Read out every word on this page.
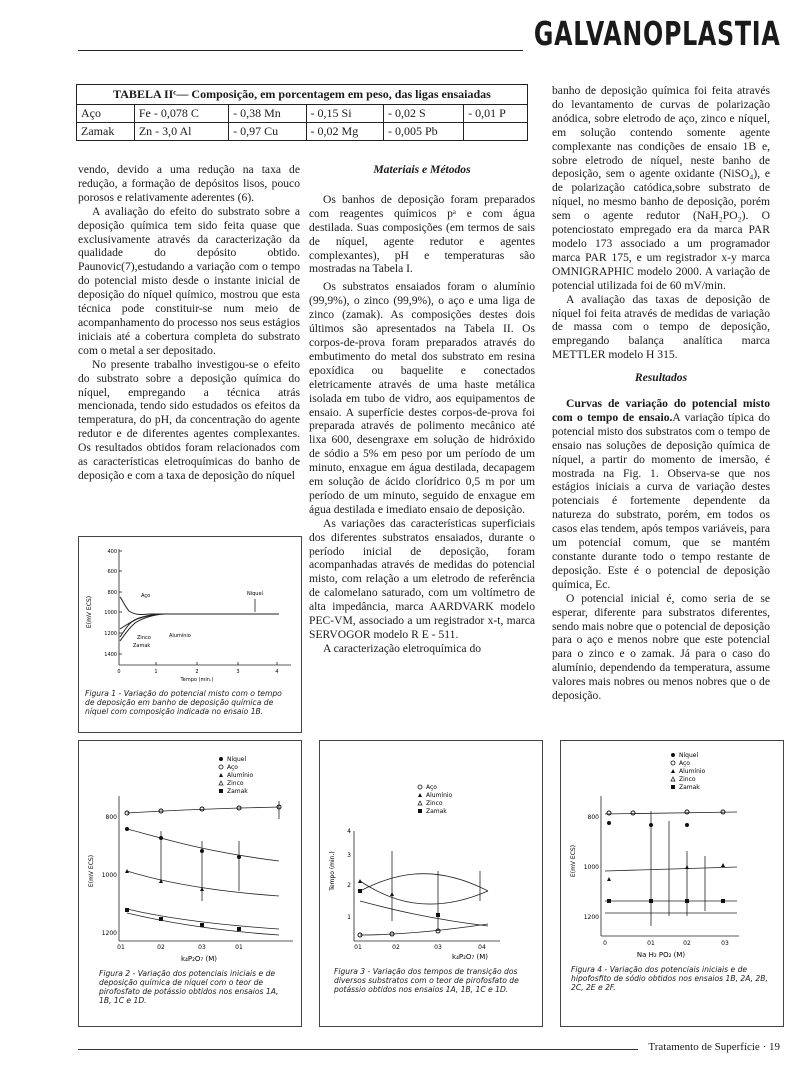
GALVANOPLASTIA
TABELA IIᶜ— Composição, em porcentagem em peso, das ligas ensaiadas					
Aço	Fe - 0,078 C	- 0,38 Mn	- 0,15 Si	- 0,02 S	- 0,01 P
Zamak	Zn - 3,0 Al	- 0,97 Cu	- 0,02 Mg	- 0,005 Pb	

vendo, devido a uma redução na taxa de redução, a formação de depósitos lisos, pouco porosos e relativamente aderentes (6).

A avaliação do efeito do substrato sobre a deposição química tem sido feita quase que exclusivamente através da caracterização da qualidade do depósito obtido. Paunovic(7),estudando a variação com o tempo do potencial misto desde o instante inicial de deposição do níquel químico, mostrou que esta técnica pode constituir-se num meio de acompanhamento do processo nos seus estágios iniciais até a cobertura completa do substrato com o metal a ser depositado.

No presente trabalho investigou-se o efeito do substrato sobre a deposição química do níquel, empregando a técnica atrás mencionada, tendo sido estudados os efeitos da temperatura, do pH, da concentração do agente redutor e de diferentes agentes complexantes. Os resultados obtidos foram relacionados com as características eletroquímicas do banho de deposição e com a taxa de deposição do níquel

Materiais e Métodos

Os banhos de deposição foram preparados com reagentes químicos pᵃ e com água destilada. Suas composições (em termos de sais de níquel, agente redutor e agentes complexantes), pH e temperaturas são mostradas na Tabela I.

Os substratos ensaiados foram o alumínio (99,9%), o zinco (99,9%), o aço e uma liga de zinco (zamak). As composições destes dois últimos são apresentados na Tabela II. Os corpos-de-prova foram preparados através do embutimento do metal dos substrato em resina epoxídica ou baquelite e conectados eletricamente através de uma haste metálica isolada em tubo de vidro, aos equipamentos de ensaio. A superfície destes corpos-de-prova foi preparada através de polimento mecânico até lixa 600, desengraxe em solução de hidróxido de sódio a 5% em peso por um período de um minuto, enxague em água destilada, decapagem em solução de ácido clorídrico 0,5 m por um período de um minuto, seguido de enxague em água destilada e imediato ensaio de deposição.

As variações das características superficiais dos diferentes substratos ensaiados, durante o período inicial de deposição, foram acompanhadas através de medidas do potencial misto, com relação a um eletrodo de referência de calomelano saturado, com um voltímetro de alta impedância, marca AARDVARK modelo PEC-VM, associado a um registrador x-t, marca SERVOGOR modelo R E - 511.

A caracterização eletroquímica do

banho de deposição química foi feita através do levantamento de curvas de polarização anódica, sobre eletrodo de aço, zinco e níquel, em solução contendo somente agente complexante nas condições de ensaio 1B e, sobre eletrodo de níquel, neste banho de deposição, sem o agente oxidante (NiSO₄), e de polarização catódica,sobre substrato de níquel, no mesmo banho de deposição, porém sem o agente redutor (NaH₂PO₂). O potenciostato empregado era da marca PAR modelo 173 associado a um programador marca PAR 175, e um registrador x-y marca OMNIGRAPHIC modelo 2000. A variação de potencial utilizada foi de 60 mV/min.

A avaliação das taxas de deposição de níquel foi feita através de medidas de variação de massa com o tempo de deposição, empregando balança analítica marca METTLER modelo H 315.

Resultados

Curvas de variação do potencial misto com o tempo de ensaio.A variação típica do potencial misto dos substratos com o tempo de ensaio nas soluções de deposição química de níquel, a partir do momento de imersão, é mostrada na Fig. 1. Observa-se que nos estágios iniciais a curva de variação destes potenciais é fortemente dependente da natureza do substrato, porém, em todos os casos elas tendem, após tempos variáveis, para um potencial comum, que se mantém constante durante todo o tempo restante de deposição. Este é o potencial de deposição química, Ec.

O potencial inicial é, como seria de se esperar, diferente para substratos diferentes, sendo mais nobre que o potencial de deposição para o aço e menos nobre que este potencial para o zinco e o zamak. Já para o caso do alumínio, dependendo da temperatura, assume valores mais nobres ou menos nobres que o de deposição.

E(mV ECS)
400
600
800
1000
1200
1400
0	1	2	3	4
Tempo (min.)
Aço	Níquel
Zinco
Zamak
Alumínio
Figura 1 - Variação do potencial misto com o tempo de deposição em banho de deposição química de níquel com composição indicada no ensaio 1B.
Níquel
Aço
Alumínio
Zinco
Zamak
E(mV ECS)
800
1000
1200
01	02	03	01
k₄P₂O₇ (M)
Figura 2 - Variação dos potenciais iniciais e de deposição química de níquel com o teor de pirofosfato de potássio obtidos nos ensaios 1A, 1B, 1C e 1D.
Aço
Alumínio
Zinco
Zamak
Tempo (min.)
1
2
3
4
01	02	03	04
k₄P₂O₇ (M)
Figura 3 - Variação dos tempos de transição dos diversos substratos com o teor de pirofosfato de potássio obtidos nos ensaios 1A, 1B, 1C e 1D.
Níquel
Aço
Alumínio
Zinco
Zamak
E(mV ECS)
800
1000
1200
0	01	02	03
Na H₂ PO₂ (M)
Figura 4 - Variação dos potenciais iniciais e de hipofosfito de sódio obtidos nos ensaios 1B, 2A, 2B, 2C, 2E e 2F.
Tratamento de Superfície · 19
